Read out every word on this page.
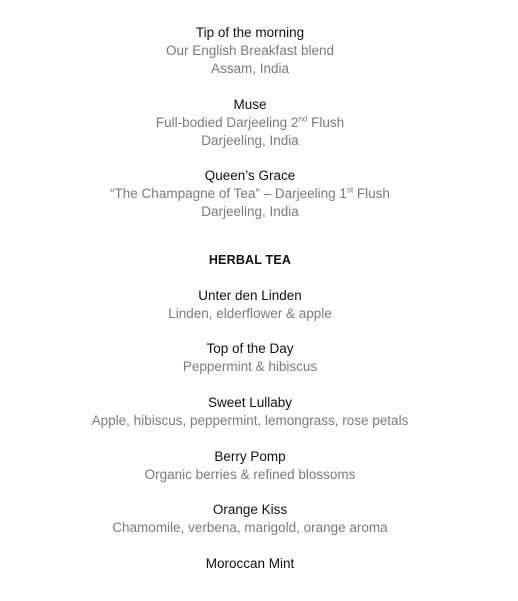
Tip of the morning
Our English Breakfast blend
Assam, India
Muse
Full-bodied Darjeeling 2nd Flush
Darjeeling, India
Queen’s Grace
“The Champagne of Tea” – Darjeeling 1st Flush
Darjeeling, India
HERBAL TEA
Unter den Linden
Linden, elderflower & apple
Top of the Day
Peppermint & hibiscus
Sweet Lullaby
Apple, hibiscus, peppermint, lemongrass, rose petals
Berry Pomp
Organic berries & refined blossoms
Orange Kiss
Chamomile, verbena, marigold, orange aroma
Moroccan Mint
